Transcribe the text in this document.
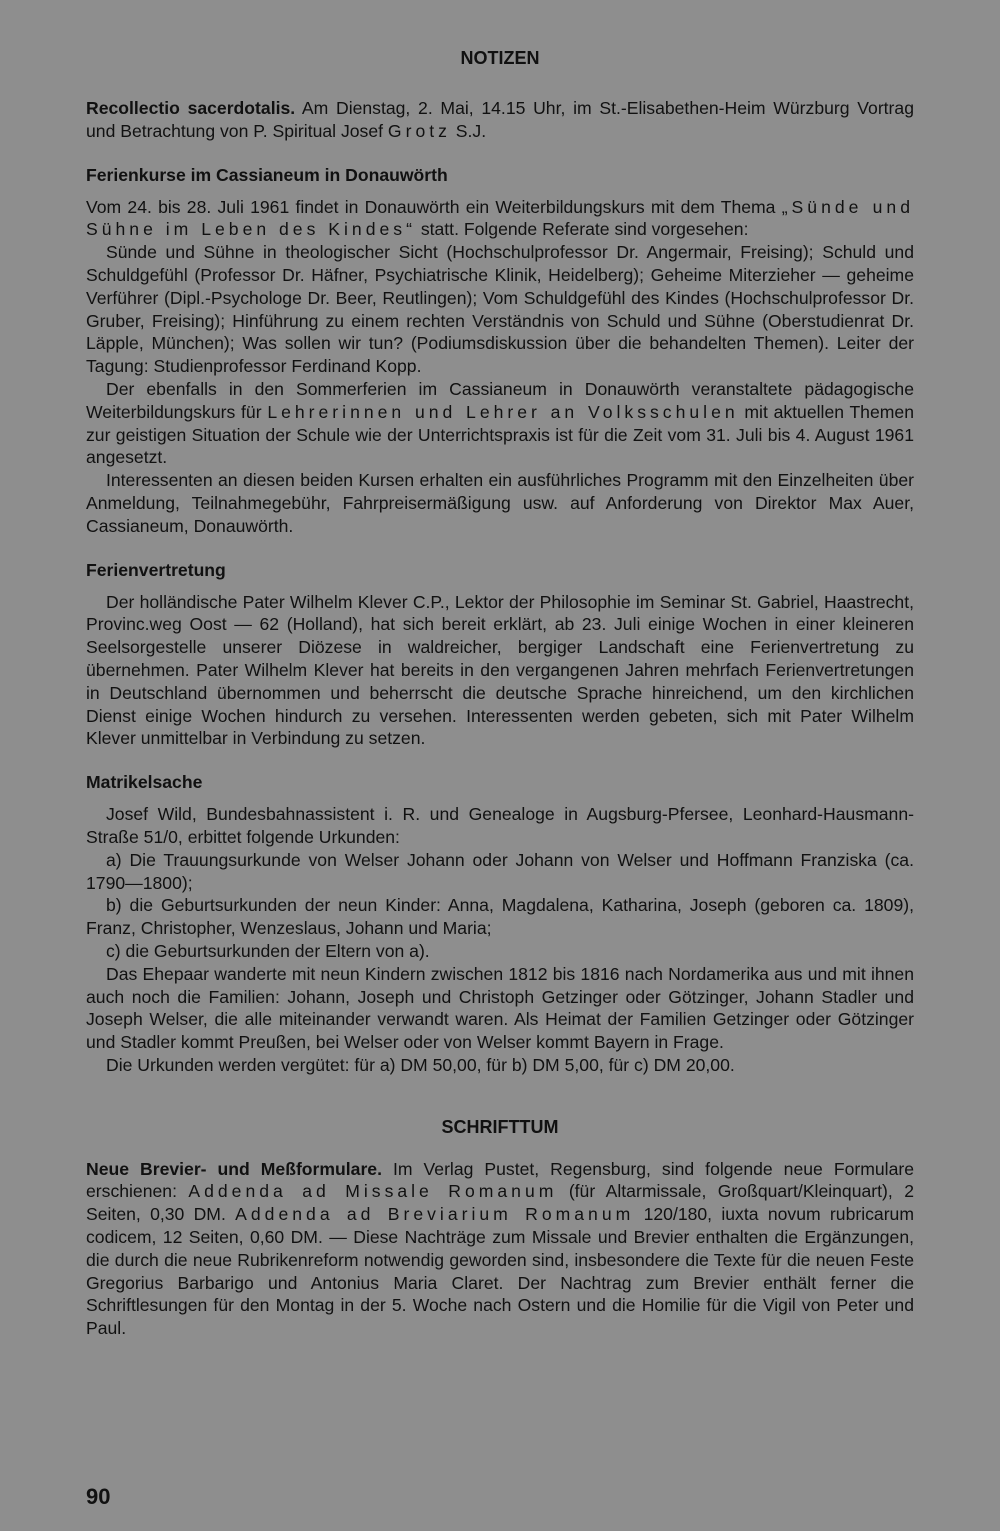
NOTIZEN

Recollectio sacerdotalis. Am Dienstag, 2. Mai, 14.15 Uhr, im St.-Elisabethen-Heim Würzburg Vortrag und Betrachtung von P. Spiritual Josef Grotz S.J.

Ferienkurse im Cassianeum in Donauwörth

Vom 24. bis 28. Juli 1961 findet in Donauwörth ein Weiterbildungskurs mit dem Thema „Sünde und Sühne im Leben des Kindes“ statt. Folgende Referate sind vorgesehen:

Sünde und Sühne in theologischer Sicht (Hochschulprofessor Dr. Angermair, Freising); Schuld und Schuldgefühl (Professor Dr. Häfner, Psychiatrische Klinik, Heidelberg); Geheime Miterzieher — geheime Verführer (Dipl.-Psychologe Dr. Beer, Reutlingen); Vom Schuldgefühl des Kindes (Hochschulprofessor Dr. Gruber, Freising); Hinführung zu einem rechten Verständnis von Schuld und Sühne (Oberstudienrat Dr. Läpple, München); Was sollen wir tun? (Podiumsdiskussion über die behandelten Themen). Leiter der Tagung: Studienprofessor Ferdinand Kopp.

Der ebenfalls in den Sommerferien im Cassianeum in Donauwörth veranstaltete pädagogische Weiterbildungskurs für Lehrerinnen und Lehrer an Volksschulen mit aktuellen Themen zur geistigen Situation der Schule wie der Unterrichtspraxis ist für die Zeit vom 31. Juli bis 4. August 1961 angesetzt.

Interessenten an diesen beiden Kursen erhalten ein ausführliches Programm mit den Einzelheiten über Anmeldung, Teilnahmegebühr, Fahrpreisermäßigung usw. auf Anforderung von Direktor Max Auer, Cassianeum, Donauwörth.

Ferienvertretung

Der holländische Pater Wilhelm Klever C.P., Lektor der Philosophie im Seminar St. Gabriel, Haastrecht, Provinc.weg Oost — 62 (Holland), hat sich bereit erklärt, ab 23. Juli einige Wochen in einer kleineren Seelsorgestelle unserer Diözese in waldreicher, bergiger Landschaft eine Ferienvertretung zu übernehmen. Pater Wilhelm Klever hat bereits in den vergangenen Jahren mehrfach Ferienvertretungen in Deutschland übernommen und beherrscht die deutsche Sprache hinreichend, um den kirchlichen Dienst einige Wochen hindurch zu versehen. Interessenten werden gebeten, sich mit Pater Wilhelm Klever unmittelbar in Verbindung zu setzen.

Matrikelsache

Josef Wild, Bundesbahnassistent i. R. und Genealoge in Augsburg-Pfersee, Leonhard-Hausmann-Straße 51/0, erbittet folgende Urkunden:

a) Die Trauungsurkunde von Welser Johann oder Johann von Welser und Hoffmann Franziska (ca. 1790—1800);

b) die Geburtsurkunden der neun Kinder: Anna, Magdalena, Katharina, Joseph (geboren ca. 1809), Franz, Christopher, Wenzeslaus, Johann und Maria;

c) die Geburtsurkunden der Eltern von a).

Das Ehepaar wanderte mit neun Kindern zwischen 1812 bis 1816 nach Nordamerika aus und mit ihnen auch noch die Familien: Johann, Joseph und Christoph Getzinger oder Götzinger, Johann Stadler und Joseph Welser, die alle miteinander verwandt waren. Als Heimat der Familien Getzinger oder Götzinger und Stadler kommt Preußen, bei Welser oder von Welser kommt Bayern in Frage.

Die Urkunden werden vergütet: für a) DM 50,00, für b) DM 5,00, für c) DM 20,00.

SCHRIFTTUM

Neue Brevier- und Meßformulare. Im Verlag Pustet, Regensburg, sind folgende neue Formulare erschienen: Addenda ad Missale Romanum (für Altarmissale, Großquart/Kleinquart), 2 Seiten, 0,30 DM. Addenda ad Breviarium Romanum 120/180, iuxta novum rubricarum codicem, 12 Seiten, 0,60 DM. — Diese Nachträge zum Missale und Brevier enthalten die Ergänzungen, die durch die neue Rubrikenreform notwendig geworden sind, insbesondere die Texte für die neuen Feste Gregorius Barbarigo und Antonius Maria Claret. Der Nachtrag zum Brevier enthält ferner die Schriftlesungen für den Montag in der 5. Woche nach Ostern und die Homilie für die Vigil von Peter und Paul.

90
